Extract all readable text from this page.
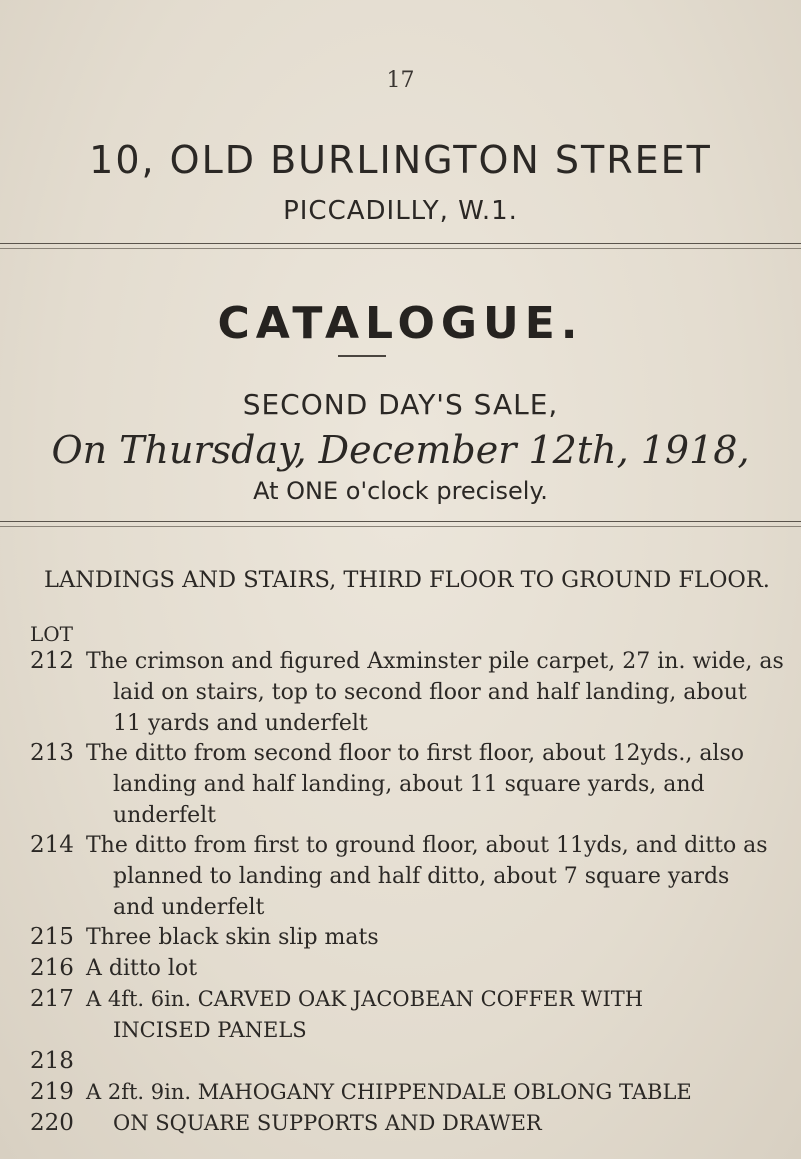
17
10, OLD BURLINGTON STREET
PICCADILLY, W.1.
CATALOGUE.
SECOND DAY'S SALE,
On Thursday, December 12th, 1918,
At ONE o'clock precisely.
LANDINGS AND STAIRS, THIRD FLOOR TO GROUND FLOOR.
LOT
212 The crimson and figured Axminster pile carpet, 27 in. wide, as
laid on stairs, top to second floor and half landing, about
11 yards and underfelt
213 The ditto from second floor to first floor, about 12yds., also
landing and half landing, about 11 square yards, and
underfelt
214 The ditto from first to ground floor, about 11yds, and ditto as
planned to landing and half ditto, about 7 square yards
and underfelt
215 Three black skin slip mats
216 A ditto lot
217 A 4ft. 6in. CARVED OAK JACOBEAN COFFER WITH
INCISED PANELS
218
219 A 2ft. 9in. MAHOGANY CHIPPENDALE OBLONG TABLE
ON SQUARE SUPPORTS AND DRAWER
220
